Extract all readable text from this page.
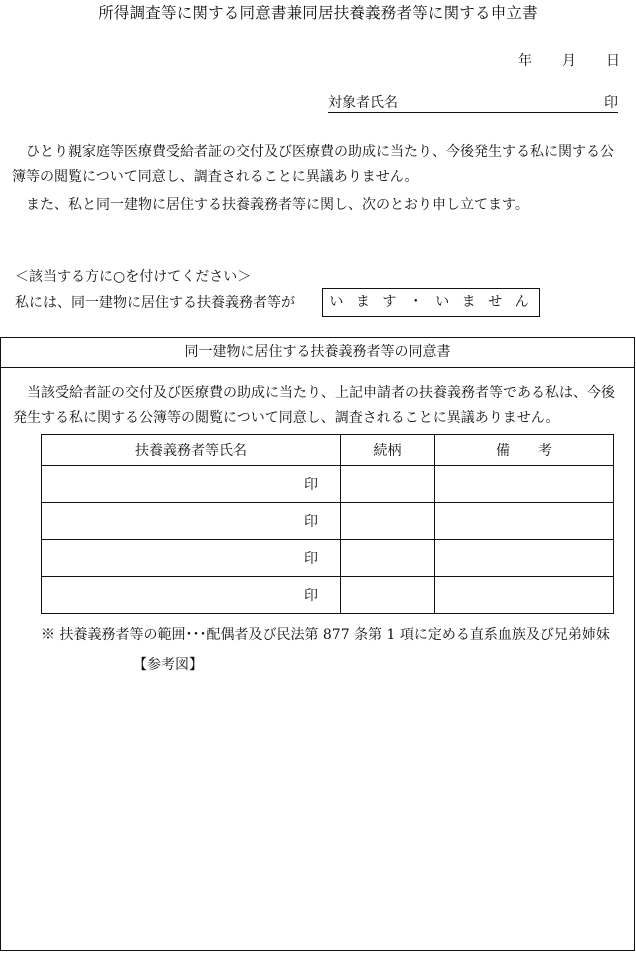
所得調査等に関する同意書兼同居扶養義務者等に関する申立書
年 月 日
対象者氏名	印
ひとり親家庭等医療費受給者証の交付及び医療費の助成に当たり、今後発生する私に関する公簿等の閲覧について同意し、調査されることに異議ありません。
また、私と同一建物に居住する扶養義務者等に関し、次のとおり申し立てます。
＜該当する方に○を付けてください＞
私には、同一建物に居住する扶養義務者等が	い ま す ・ い ま せ ん
同一建物に居住する扶養義務者等の同意書
当該受給者証の交付及び医療費の助成に当たり、上記申請者の扶養義務者等である私は、今後発生する私に関する公簿等の閲覧について同意し、調査されることに異議ありません。
扶養義務者等氏名	続柄	備　　考
印		
印		
印		
印		
※ 扶養義務者等の範囲･･･配偶者及び民法第 877 条第 1 項に定める直系血族及び兄弟姉妹
【参考図】
